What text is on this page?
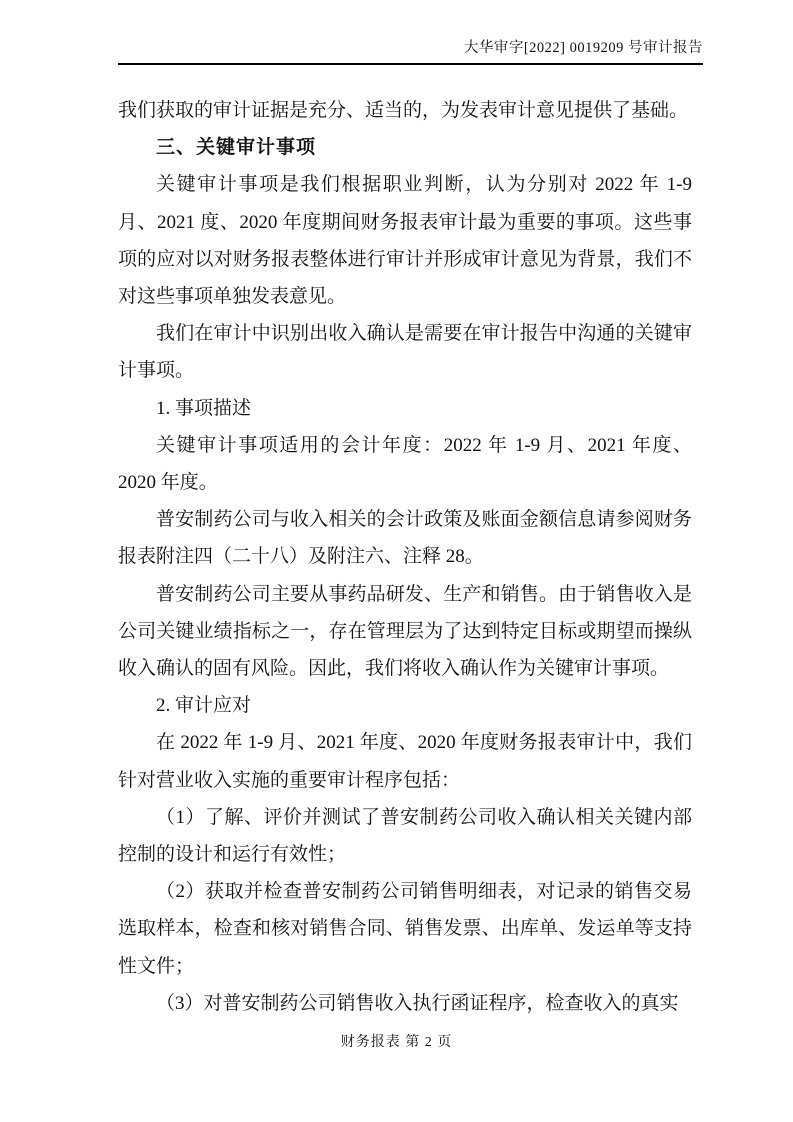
大华审字[2022] 0019209 号审计报告

我们获取的审计证据是充分、适当的，为发表审计意见提供了基础。

三、关键审计事项

关键审计事项是我们根据职业判断，认为分别对 2022 年 1-9 月、2021 度、2020 年度期间财务报表审计最为重要的事项。这些事项的应对以对财务报表整体进行审计并形成审计意见为背景，我们不对这些事项单独发表意见。

我们在审计中识别出收入确认是需要在审计报告中沟通的关键审计事项。

1. 事项描述

关键审计事项适用的会计年度：2022 年 1-9 月、2021 年度、2020 年度。

普安制药公司与收入相关的会计政策及账面金额信息请参阅财务报表附注四（二十八）及附注六、注释 28。

普安制药公司主要从事药品研发、生产和销售。由于销售收入是公司关键业绩指标之一，存在管理层为了达到特定目标或期望而操纵收入确认的固有风险。因此，我们将收入确认作为关键审计事项。

2. 审计应对

在 2022 年 1-9 月、2021 年度、2020 年度财务报表审计中，我们针对营业收入实施的重要审计程序包括：

（1）了解、评价并测试了普安制药公司收入确认相关关键内部控制的设计和运行有效性；

（2）获取并检查普安制药公司销售明细表，对记录的销售交易选取样本，检查和核对销售合同、销售发票、出库单、发运单等支持性文件；

（3）对普安制药公司销售收入执行函证程序，检查收入的真实

财务报表 第 2 页
